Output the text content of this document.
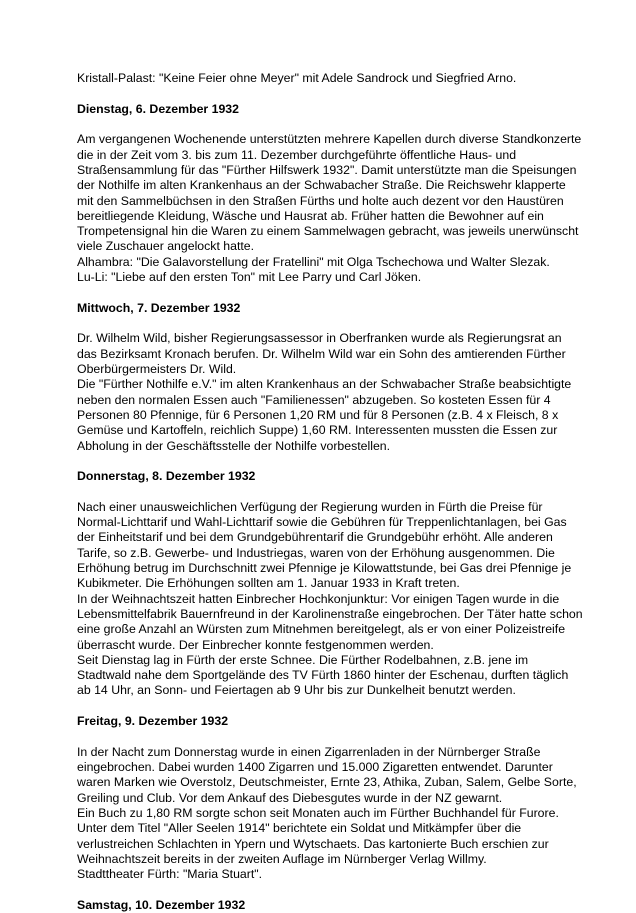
Kristall-Palast: "Keine Feier ohne Meyer" mit Adele Sandrock und Siegfried Arno.
Dienstag, 6. Dezember 1932
Am vergangenen Wochenende unterstützten mehrere Kapellen durch diverse Standkonzerte
die in der Zeit vom 3. bis zum 11. Dezember durchgeführte öffentliche Haus- und
Straßensammlung für das "Fürther Hilfswerk 1932". Damit unterstützte man die Speisungen
der Nothilfe im alten Krankenhaus an der Schwabacher Straße. Die Reichswehr klapperte
mit den Sammelbüchsen in den Straßen Fürths und holte auch dezent vor den Haustüren
bereitliegende Kleidung, Wäsche und Hausrat ab. Früher hatten die Bewohner auf ein
Trompetensignal hin die Waren zu einem Sammelwagen gebracht, was jeweils unerwünscht
viele Zuschauer angelockt hatte.
Alhambra: "Die Galavorstellung der Fratellini" mit Olga Tschechowa und Walter Slezak.
Lu-Li: "Liebe auf den ersten Ton" mit Lee Parry und Carl Jöken.
Mittwoch, 7. Dezember 1932
Dr. Wilhelm Wild, bisher Regierungsassessor in Oberfranken wurde als Regierungsrat an
das Bezirksamt Kronach berufen. Dr. Wilhelm Wild war ein Sohn des amtierenden Fürther
Oberbürgermeisters Dr. Wild.
Die "Fürther Nothilfe e.V." im alten Krankenhaus an der Schwabacher Straße beabsichtigte
neben den normalen Essen auch "Familienessen" abzugeben. So kosteten Essen für 4
Personen 80 Pfennige, für 6 Personen 1,20 RM und für 8 Personen (z.B. 4 x Fleisch, 8 x
Gemüse und Kartoffeln, reichlich Suppe) 1,60 RM. Interessenten mussten die Essen zur
Abholung in der Geschäftsstelle der Nothilfe vorbestellen.
Donnerstag, 8. Dezember 1932
Nach einer unausweichlichen Verfügung der Regierung wurden in Fürth die Preise für
Normal-Lichttarif und Wahl-Lichttarif sowie die Gebühren für Treppenlichtanlagen, bei Gas
der Einheitstarif und bei dem Grundgebührentarif die Grundgebühr erhöht. Alle anderen
Tarife, so z.B. Gewerbe- und Industriegas, waren von der Erhöhung ausgenommen. Die
Erhöhung betrug im Durchschnitt zwei Pfennige je Kilowattstunde, bei Gas drei Pfennige je
Kubikmeter. Die Erhöhungen sollten am 1. Januar 1933 in Kraft treten.
In der Weihnachtszeit hatten Einbrecher Hochkonjunktur: Vor einigen Tagen wurde in die
Lebensmittelfabrik Bauernfreund in der Karolinenstraße eingebrochen. Der Täter hatte schon
eine große Anzahl an Würsten zum Mitnehmen bereitgelegt, als er von einer Polizeistreife
überrascht wurde. Der Einbrecher konnte festgenommen werden.
Seit Dienstag lag in Fürth der erste Schnee. Die Fürther Rodelbahnen, z.B. jene im
Stadtwald nahe dem Sportgelände des TV Fürth 1860 hinter der Eschenau, durften täglich
ab 14 Uhr, an Sonn- und Feiertagen ab 9 Uhr bis zur Dunkelheit benutzt werden.
Freitag, 9. Dezember 1932
In der Nacht zum Donnerstag wurde in einen Zigarrenladen in der Nürnberger Straße
eingebrochen. Dabei wurden 1400 Zigarren und 15.000 Zigaretten entwendet. Darunter
waren Marken wie Overstolz, Deutschmeister, Ernte 23, Athika, Zuban, Salem, Gelbe Sorte,
Greiling und Club. Vor dem Ankauf des Diebesgutes wurde in der NZ gewarnt.
Ein Buch zu 1,80 RM sorgte schon seit Monaten auch im Fürther Buchhandel für Furore.
Unter dem Titel "Aller Seelen 1914" berichtete ein Soldat und Mitkämpfer über die
verlustreichen Schlachten in Ypern und Wytschaets. Das kartonierte Buch erschien zur
Weihnachtszeit bereits in der zweiten Auflage im Nürnberger Verlag Willmy.
Stadttheater Fürth: "Maria Stuart".
Samstag, 10. Dezember 1932
